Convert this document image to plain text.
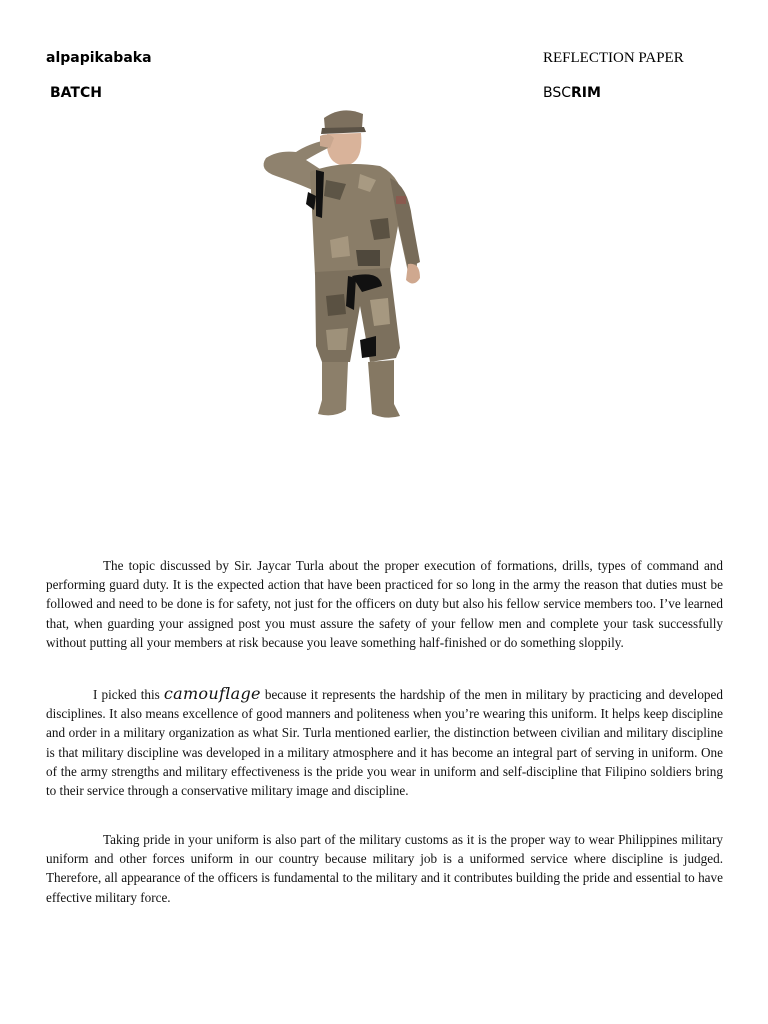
alpapikabaka
BATCH
REFLECTION PAPER
BSCRIM

The topic discussed by Sir. Jaycar Turla about the proper execution of formations, drills, types of command and performing guard duty. It is the expected action that have been practiced for so long in the army the reason that duties must be followed and need to be done is for safety, not just for the officers on duty but also his fellow service members too. I’ve learned that, when guarding your assigned post you must assure the safety of your fellow men and complete your task successfully without putting all your members at risk because you leave something half-finished or do something sloppily.

I picked this camouflage because it represents the hardship of the men in military by practicing and developed disciplines. It also means excellence of good manners and politeness when you’re wearing this uniform. It helps keep discipline and order in a military organization as what Sir. Turla mentioned earlier, the distinction between civilian and military discipline is that military discipline was developed in a military atmosphere and it has become an integral part of serving in uniform. One of the army strengths and military effectiveness is the pride you wear in uniform and self-discipline that Filipino soldiers bring to their service through a conservative military image and discipline.

Taking pride in your uniform is also part of the military customs as it is the proper way to wear Philippines military uniform and other forces uniform in our country because military job is a uniformed service where discipline is judged. Therefore, all appearance of the officers is fundamental to the military and it contributes building the pride and essential to have effective military force.
